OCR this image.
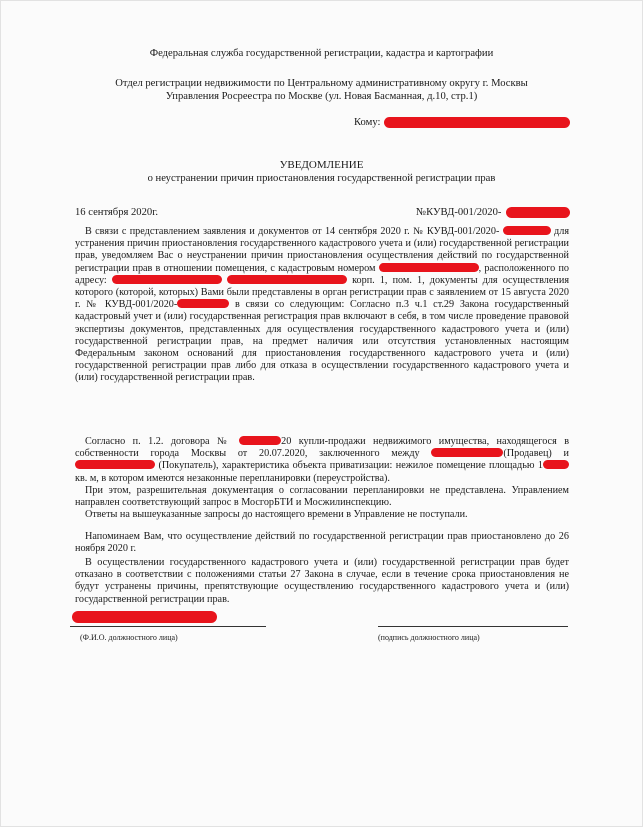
Федеральная служба государственной регистрации, кадастра и картографии
Отдел регистрации недвижимости по Центральному административному округу г. Москвы
Управления Росреестра по Москве (ул. Новая Басманная, д.10, стр.1)
Кому:
УВЕДОМЛЕНИЕ
о неустранении причин приостановления государственной регистрации прав
16 сентября 2020г.	№КУВД-001/2020-

В связи с представлением заявления и документов от 14 сентября 2020 г. № КУВД-001/2020-	для устранения причин приостановления государственного кадастрового учета и (или) государственной регистрации прав, уведомляем Вас о неустранении причин приостановления осуществления действий по государственной регистрации прав в отношении помещения, с кадастровым номером	, расположенного по адресу:	корп. 1, пом. 1, документы для осуществления которого (которой, которых) Вами были представлены в орган регистрации прав с заявлением от 15 августа 2020 г. № КУВД-001/2020-	в связи со следующим: Согласно п.3 ч.1 ст.29 Закона государственный кадастровый учет и (или) государственная регистрация прав включают в себя, в том числе проведение правовой экспертизы документов, представленных для осуществления государственного кадастрового учета и (или) государственной регистрации прав, на предмет наличия или отсутствия установленных настоящим Федеральным законом оснований для приостановления государственного кадастрового учета и (или) государственной регистрации прав либо для отказа в осуществлении государственного кадастрового учета и (или) государственной регистрации прав.

Согласно п. 1.2. договора №	20 купли-продажи недвижимого имущества, находящегося в собственности города Москвы от 20.07.2020, заключенного между	(Продавец) и  (Покупатель), характеристика объекта приватизации: нежилое помещение площадью 1 кв. м, в котором имеются незаконные перепланировки (переустройства).

При этом, разрешительная документация о согласовании перепланировки не представлена. Управлением направлен соответствующий запрос в МосгорБТИ и Мосжилинспекцию.

Ответы на вышеуказанные запросы до настоящего времени в Управление не поступали.

Напоминаем Вам, что осуществление действий по государственной регистрации прав приостановлено до 26 ноября 2020 г.

В осуществлении государственного кадастрового учета и (или) государственной регистрации прав будет отказано в соответствии с положениями статьи 27 Закона в случае, если в течение срока приостановления не будут устранены причины, препятствующие осуществлению государственного кадастрового учета и (или) государственной регистрации прав.

(Ф.И.О. должностного лица)	(подпись должностного лица)
